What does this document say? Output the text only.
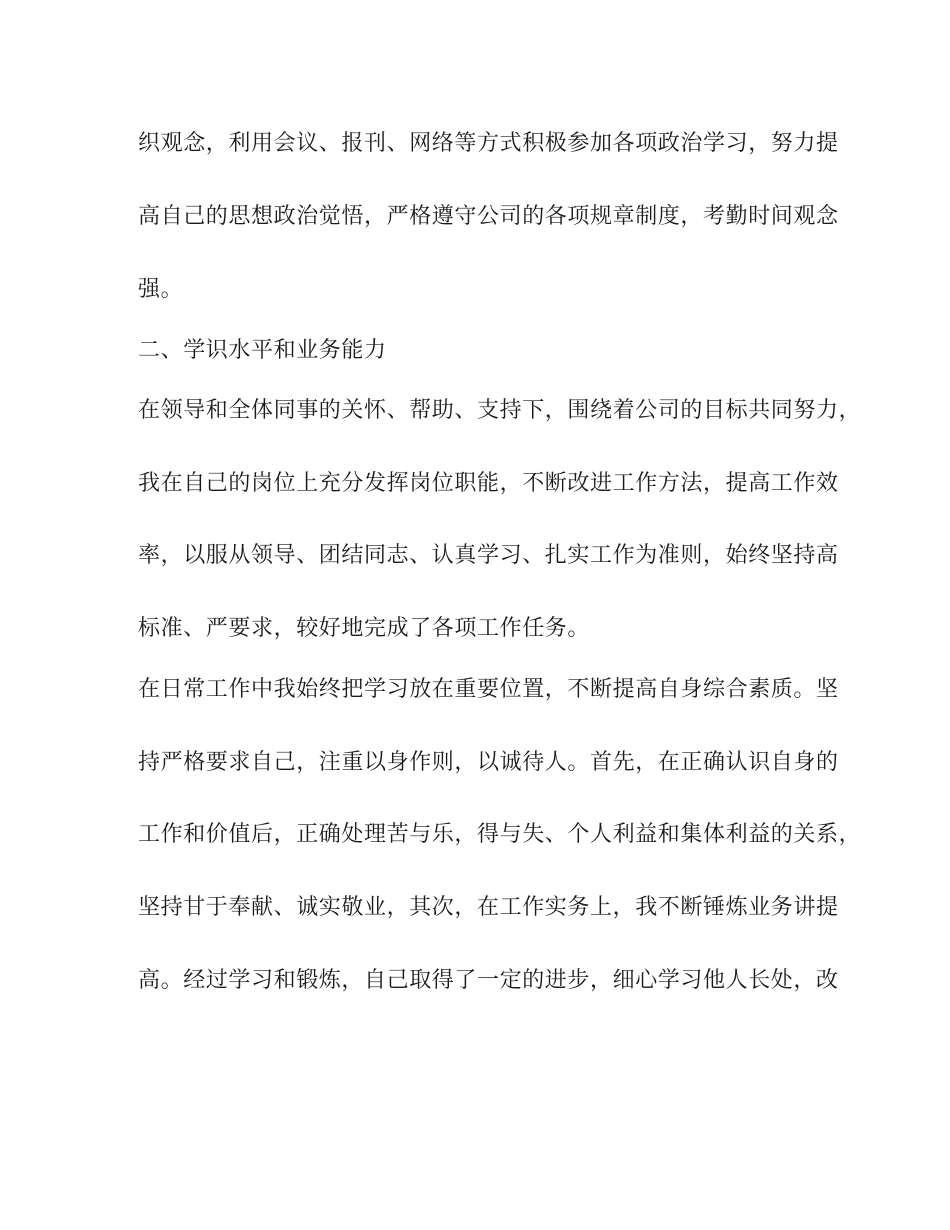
织观念，利用会议、报刊、网络等方式积极参加各项政治学习，努力提
高自己的思想政治觉悟，严格遵守公司的各项规章制度，考勤时间观念
强。
二、学识水平和业务能力
在领导和全体同事的关怀、帮助、支持下，围绕着公司的目标共同努力，
我在自己的岗位上充分发挥岗位职能，不断改进工作方法，提高工作效
率，以服从领导、团结同志、认真学习、扎实工作为准则，始终坚持高
标准、严要求，较好地完成了各项工作任务。
在日常工作中我始终把学习放在重要位置，不断提高自身综合素质。坚
持严格要求自己，注重以身作则，以诚待人。首先，在正确认识自身的
工作和价值后，正确处理苦与乐，得与失、个人利益和集体利益的关系，
坚持甘于奉献、诚实敬业，其次，在工作实务上，我不断锤炼业务讲提
高。经过学习和锻炼，自己取得了一定的进步，细心学习他人长处，改
